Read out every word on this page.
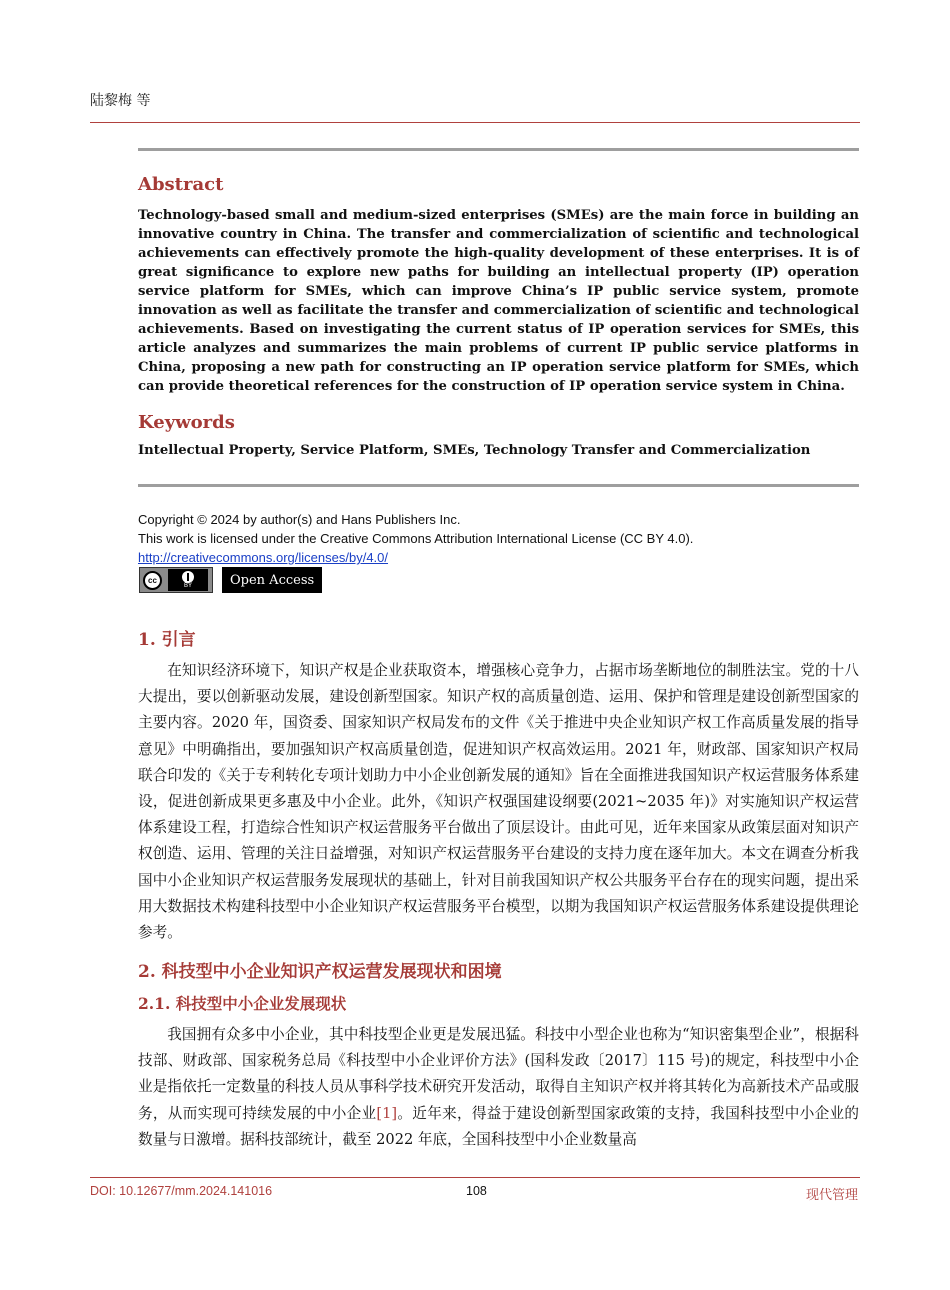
陆黎梅 等
Abstract
Technology-based small and medium-sized enterprises (SMEs) are the main force in building an innovative country in China. The transfer and commercialization of scientific and technological achievements can effectively promote the high-quality development of these enterprises. It is of great significance to explore new paths for building an intellectual property (IP) operation service platform for SMEs, which can improve China’s IP public service system, promote innovation as well as facilitate the transfer and commercialization of scientific and technological achievements. Based on investigating the current status of IP operation services for SMEs, this article analyzes and summarizes the main problems of current IP public service platforms in China, proposing a new path for constructing an IP operation service platform for SMEs, which can provide theoretical references for the construction of IP operation service system in China.
Keywords
Intellectual Property, Service Platform, SMEs, Technology Transfer and Commercialization
Copyright © 2024 by author(s) and Hans Publishers Inc.
This work is licensed under the Creative Commons Attribution International License (CC BY 4.0).
http://creativecommons.org/licenses/by/4.0/
cc
BY	Open Access
1. 引言
在知识经济环境下，知识产权是企业获取资本，增强核心竞争力，占据市场垄断地位的制胜法宝。党的十八大提出，要以创新驱动发展，建设创新型国家。知识产权的高质量创造、运用、保护和管理是建设创新型国家的主要内容。2020 年，国资委、国家知识产权局发布的文件《关于推进中央企业知识产权工作高质量发展的指导意见》中明确指出，要加强知识产权高质量创造，促进知识产权高效运用。2021 年，财政部、国家知识产权局联合印发的《关于专利转化专项计划助力中小企业创新发展的通知》旨在全面推进我国知识产权运营服务体系建设，促进创新成果更多惠及中小企业。此外，《知识产权强国建设纲要(2021~2035 年)》对实施知识产权运营体系建设工程，打造综合性知识产权运营服务平台做出了顶层设计。由此可见，近年来国家从政策层面对知识产权创造、运用、管理的关注日益增强，对知识产权运营服务平台建设的支持力度在逐年加大。本文在调查分析我国中小企业知识产权运营服务发展现状的基础上，针对目前我国知识产权公共服务平台存在的现实问题，提出采用大数据技术构建科技型中小企业知识产权运营服务平台模型，以期为我国知识产权运营服务体系建设提供理论参考。
2. 科技型中小企业知识产权运营发展现状和困境
2.1. 科技型中小企业发展现状
我国拥有众多中小企业，其中科技型企业更是发展迅猛。科技中小型企业也称为“知识密集型企业”，根据科技部、财政部、国家税务总局《科技型中小企业评价方法》(国科发政〔2017〕115 号)的规定，科技型中小企业是指依托一定数量的科技人员从事科学技术研究开发活动，取得自主知识产权并将其转化为高新技术产品或服务，从而实现可持续发展的中小企业[1]。近年来，得益于建设创新型国家政策的支持，我国科技型中小企业的数量与日激增。据科技部统计，截至 2022 年底，全国科技型中小企业数量高
DOI: 10.12677/mm.2024.141016	108	现代管理
